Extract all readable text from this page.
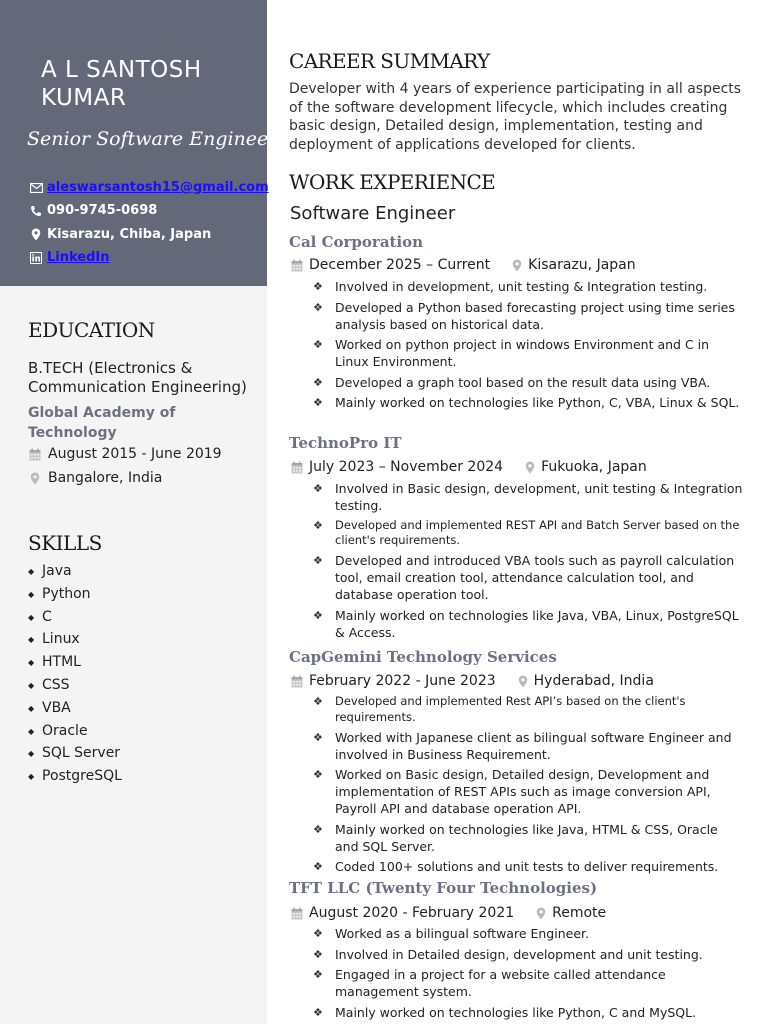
A L SANTOSH
KUMAR
Senior Software Engineer
aleswarsantosh15@gmail.com
090-9745-0698
Kisarazu, Chiba, Japan
LinkedIn
EDUCATION
B.TECH (Electronics & Communication Engineering)
Global Academy of Technology
August 2015 - June 2019
Bangalore, India
SKILLS
◆ Java
◆ Python
◆ C
◆ Linux
◆ HTML
◆ CSS
◆ VBA
◆ Oracle
◆ SQL Server
◆ PostgreSQL
CAREER SUMMARY
Developer with 4 years of experience participating in all aspects of the software development lifecycle, which includes creating basic design, Detailed design, implementation, testing and deployment of applications developed for clients.
WORK EXPERIENCE
Software Engineer
Cal Corporation
December 2025 – Current	Kisarazu, Japan
❖ Involved in development, unit testing & Integration testing.
❖ Developed a Python based forecasting project using time series analysis based on historical data.
❖ Worked on python project in windows Environment and C in Linux Environment.
❖ Developed a graph tool based on the result data using VBA.
❖ Mainly worked on technologies like Python, C, VBA, Linux & SQL.
TechnoPro IT
July 2023 – November 2024	Fukuoka, Japan
❖ Involved in Basic design, development, unit testing & Integration testing.
❖ Developed and implemented REST API and Batch Server based on the client's requirements.
❖ Developed and introduced VBA tools such as payroll calculation tool, email creation tool, attendance calculation tool, and database operation tool.
❖ Mainly worked on technologies like Java, VBA, Linux, PostgreSQL & Access.
CapGemini Technology Services
February 2022 - June 2023	Hyderabad, India
❖ Developed and implemented Rest API’s based on the client's requirements.
❖ Worked with Japanese client as bilingual software Engineer and involved in Business Requirement.
❖ Worked on Basic design, Detailed design, Development and implementation of REST APIs such as image conversion API, Payroll API and database operation API.
❖ Mainly worked on technologies like Java, HTML & CSS, Oracle and SQL Server.
❖ Coded 100+ solutions and unit tests to deliver requirements.
TFT LLC (Twenty Four Technologies)
August 2020 - February 2021	Remote
❖ Worked as a bilingual software Engineer.
❖ Involved in Detailed design, development and unit testing.
❖ Engaged in a project for a website called attendance management system.
❖ Mainly worked on technologies like Python, C and MySQL.
